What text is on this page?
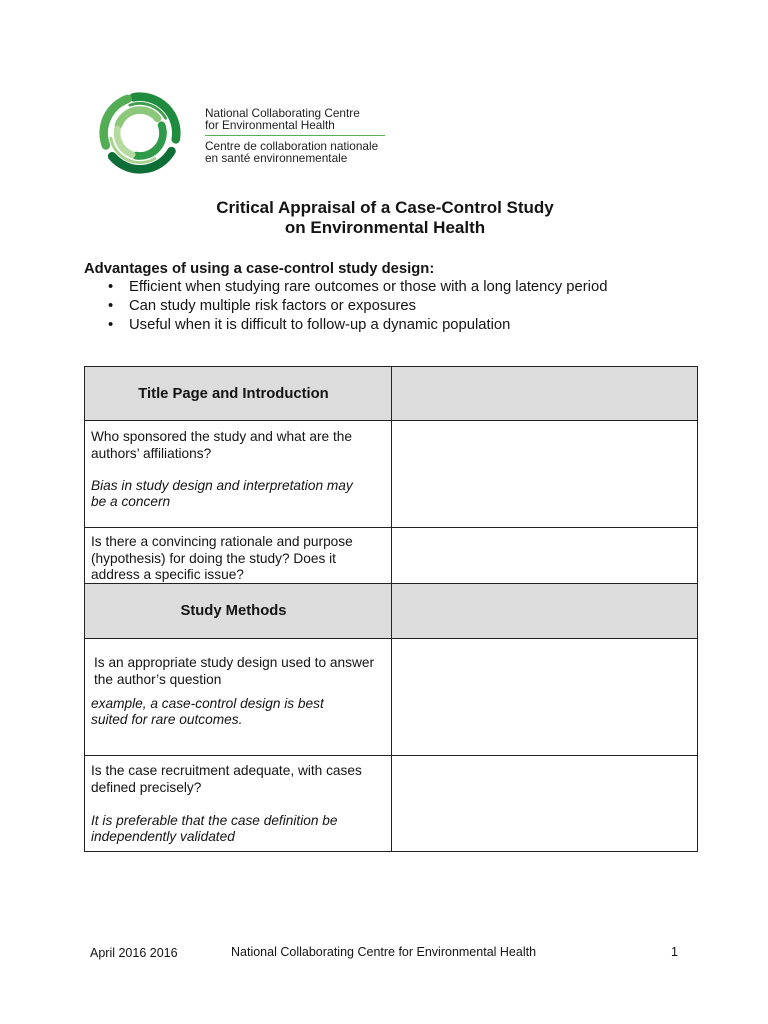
National Collaborating Centre
for Environmental Health
Centre de collaboration nationale
en santé environnementale
Critical Appraisal of a Case-Control Study
on Environmental Health
Advantages of using a case-control study design:
•	Efficient when studying rare outcomes or those with a long latency period
•	Can study multiple risk factors or exposures
•	Useful when it is difficult to follow-up a dynamic population
Title Page and Introduction
Who sponsored the study and what are the authors’ affiliations?
Bias in study design and interpretation may be a concern
Is there a convincing rationale and purpose (hypothesis) for doing the study? Does it address a specific issue?
Study Methods
Is an appropriate study design used to answer the author’s question
example, a case-control design is best suited for rare outcomes.
Is the case recruitment adequate, with cases defined precisely?
It is preferable that the case definition be independently validated
April 2016 2016	National Collaborating Centre for Environmental Health	1
